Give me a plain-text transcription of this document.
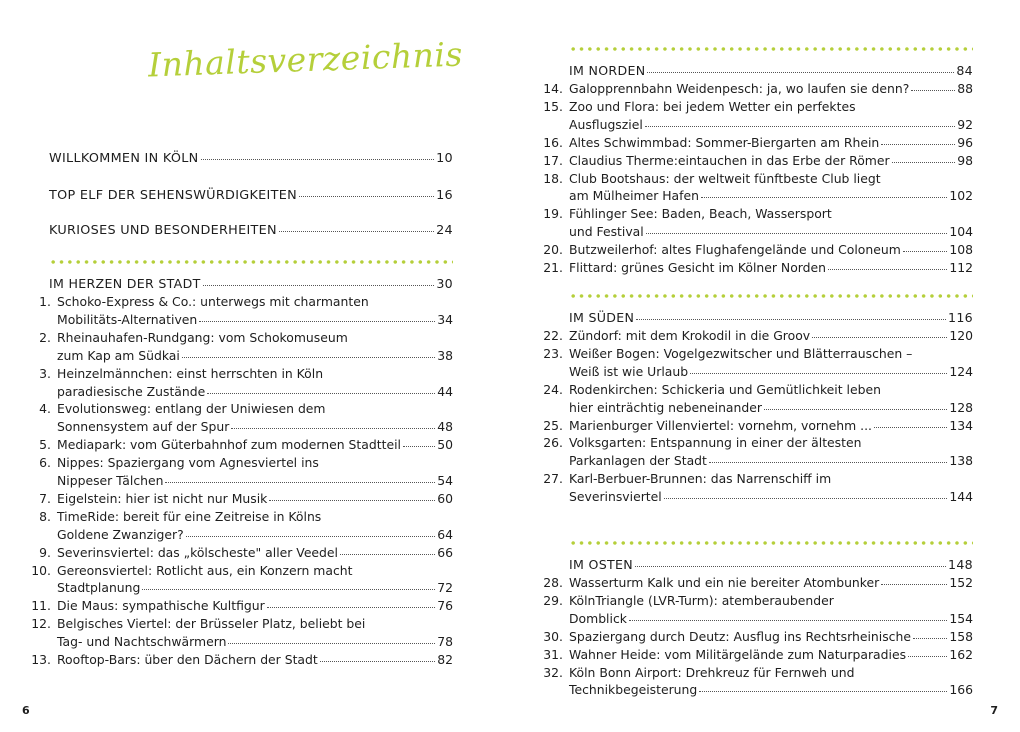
Inhaltsverzeichnis
WILLKOMMEN IN KÖLN	10
TOP ELF DER SEHENSWÜRDIGKEITEN	16
KURIOSES UND BESONDERHEITEN	24
IM HERZEN DER STADT	30
1. Schoko-Express & Co.: unterwegs mit charmanten
Mobilitäts-Alternativen	34
2. Rheinauhafen-Rundgang: vom Schokomuseum
zum Kap am Südkai	38
3. Heinzelmännchen: einst herrschten in Köln
paradiesische Zustände	44
4. Evolutionsweg: entlang der Uniwiesen dem
Sonnensystem auf der Spur	48
5. Mediapark: vom Güterbahnhof zum modernen Stadtteil	50
6. Nippes: Spaziergang vom Agnesviertel ins
Nippeser Tälchen	54
7. Eigelstein: hier ist nicht nur Musik	60
8. TimeRide: bereit für eine Zeitreise in Kölns
Goldene Zwanziger?	64
9. Severinsviertel: das „kölscheste" aller Veedel	66
10. Gereonsviertel: Rotlicht aus, ein Konzern macht
Stadtplanung	72
11. Die Maus: sympathische Kultfigur	76
12. Belgisches Viertel: der Brüsseler Platz, beliebt bei
Tag- und Nachtschwärmern	78
13. Rooftop-Bars: über den Dächern der Stadt	82
6
IM NORDEN	84
14. Galopprennbahn Weidenpesch: ja, wo laufen sie denn?	88
15. Zoo und Flora: bei jedem Wetter ein perfektes
Ausflugsziel	92
16. Altes Schwimmbad: Sommer-Biergarten am Rhein	96
17. Claudius Therme:eintauchen in das Erbe der Römer	98
18. Club Bootshaus: der weltweit fünftbeste Club liegt
am Mülheimer Hafen	102
19. Fühlinger See: Baden, Beach, Wassersport
und Festival	104
20. Butzweilerhof: altes Flughafengelände und Coloneum	108
21. Flittard: grünes Gesicht im Kölner Norden	112
IM SÜDEN	116
22. Zündorf: mit dem Krokodil in die Groov	120
23. Weißer Bogen: Vogelgezwitscher und Blätterrauschen –
Weiß ist wie Urlaub	124
24. Rodenkirchen: Schickeria und Gemütlichkeit leben
hier einträchtig nebeneinander	128
25. Marienburger Villenviertel: vornehm, vornehm ...	134
26. Volksgarten: Entspannung in einer der ältesten
Parkanlagen der Stadt	138
27. Karl-Berbuer-Brunnen: das Narrenschiff im
Severinsviertel	144
IM OSTEN	148
28. Wasserturm Kalk und ein nie bereiter Atombunker	152
29. KölnTriangle (LVR-Turm): atemberaubender
Domblick	154
30. Spaziergang durch Deutz: Ausflug ins Rechtsrheinische	158
31. Wahner Heide: vom Militärgelände zum Naturparadies	162
32. Köln Bonn Airport: Drehkreuz für Fernweh und
Technikbegeisterung	166
7
